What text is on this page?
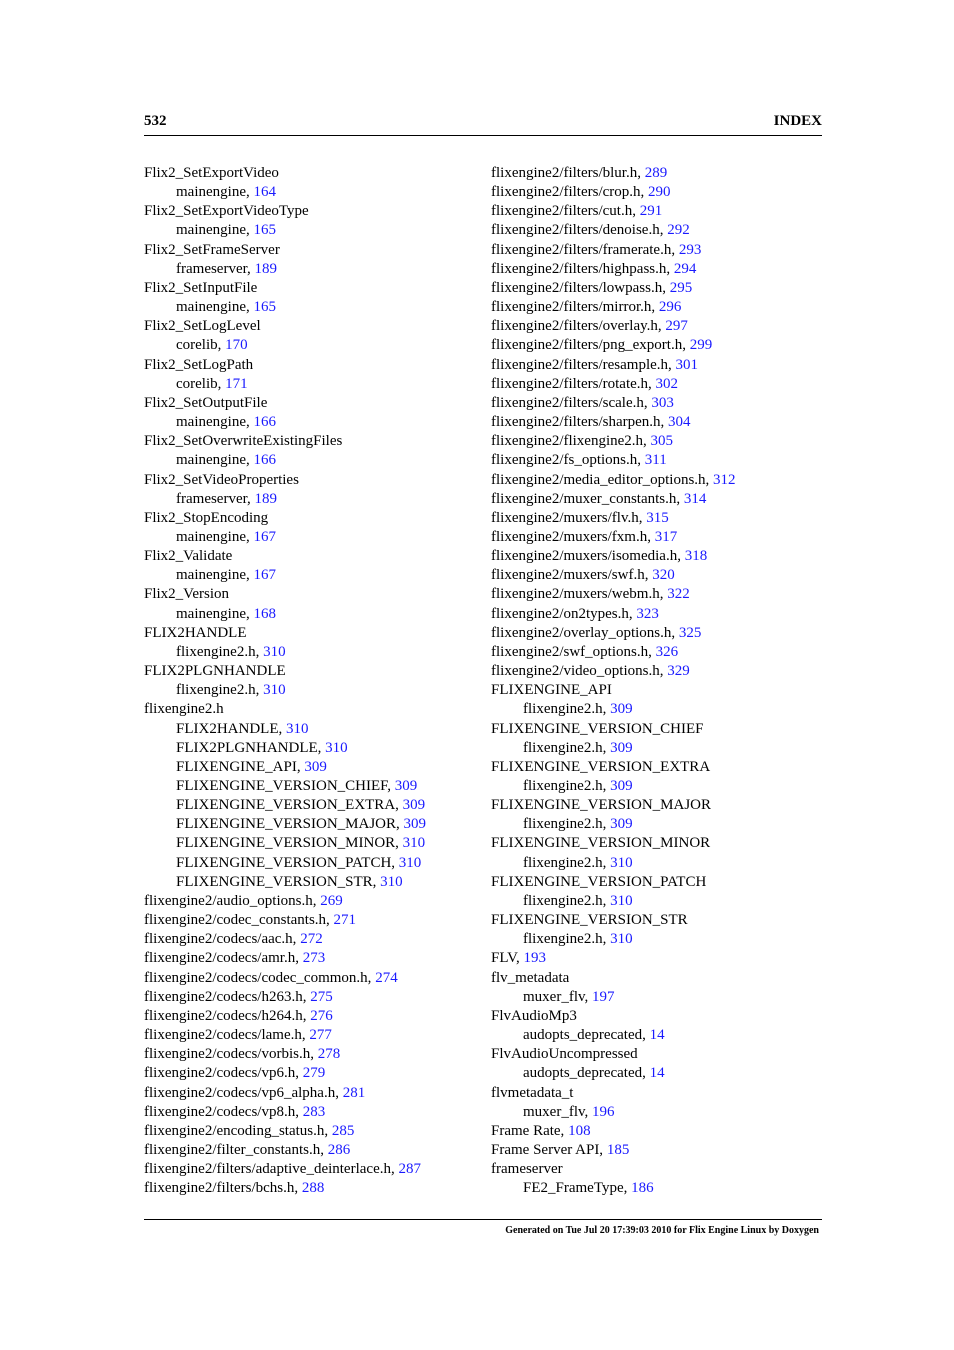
532	INDEX
Flix2_SetExportVideo
mainengine, 164
Flix2_SetExportVideoType
mainengine, 165
Flix2_SetFrameServer
frameserver, 189
Flix2_SetInputFile
mainengine, 165
Flix2_SetLogLevel
corelib, 170
Flix2_SetLogPath
corelib, 171
Flix2_SetOutputFile
mainengine, 166
Flix2_SetOverwriteExistingFiles
mainengine, 166
Flix2_SetVideoProperties
frameserver, 189
Flix2_StopEncoding
mainengine, 167
Flix2_Validate
mainengine, 167
Flix2_Version
mainengine, 168
FLIX2HANDLE
flixengine2.h, 310
FLIX2PLGNHANDLE
flixengine2.h, 310
flixengine2.h
FLIX2HANDLE, 310
FLIX2PLGNHANDLE, 310
FLIXENGINE_API, 309
FLIXENGINE_VERSION_CHIEF, 309
FLIXENGINE_VERSION_EXTRA, 309
FLIXENGINE_VERSION_MAJOR, 309
FLIXENGINE_VERSION_MINOR, 310
FLIXENGINE_VERSION_PATCH, 310
FLIXENGINE_VERSION_STR, 310
flixengine2/audio_options.h, 269
flixengine2/codec_constants.h, 271
flixengine2/codecs/aac.h, 272
flixengine2/codecs/amr.h, 273
flixengine2/codecs/codec_common.h, 274
flixengine2/codecs/h263.h, 275
flixengine2/codecs/h264.h, 276
flixengine2/codecs/lame.h, 277
flixengine2/codecs/vorbis.h, 278
flixengine2/codecs/vp6.h, 279
flixengine2/codecs/vp6_alpha.h, 281
flixengine2/codecs/vp8.h, 283
flixengine2/encoding_status.h, 285
flixengine2/filter_constants.h, 286
flixengine2/filters/adaptive_deinterlace.h, 287
flixengine2/filters/bchs.h, 288
flixengine2/filters/blur.h, 289
flixengine2/filters/crop.h, 290
flixengine2/filters/cut.h, 291
flixengine2/filters/denoise.h, 292
flixengine2/filters/framerate.h, 293
flixengine2/filters/highpass.h, 294
flixengine2/filters/lowpass.h, 295
flixengine2/filters/mirror.h, 296
flixengine2/filters/overlay.h, 297
flixengine2/filters/png_export.h, 299
flixengine2/filters/resample.h, 301
flixengine2/filters/rotate.h, 302
flixengine2/filters/scale.h, 303
flixengine2/filters/sharpen.h, 304
flixengine2/flixengine2.h, 305
flixengine2/fs_options.h, 311
flixengine2/media_editor_options.h, 312
flixengine2/muxer_constants.h, 314
flixengine2/muxers/flv.h, 315
flixengine2/muxers/fxm.h, 317
flixengine2/muxers/isomedia.h, 318
flixengine2/muxers/swf.h, 320
flixengine2/muxers/webm.h, 322
flixengine2/on2types.h, 323
flixengine2/overlay_options.h, 325
flixengine2/swf_options.h, 326
flixengine2/video_options.h, 329
FLIXENGINE_API
flixengine2.h, 309
FLIXENGINE_VERSION_CHIEF
flixengine2.h, 309
FLIXENGINE_VERSION_EXTRA
flixengine2.h, 309
FLIXENGINE_VERSION_MAJOR
flixengine2.h, 309
FLIXENGINE_VERSION_MINOR
flixengine2.h, 310
FLIXENGINE_VERSION_PATCH
flixengine2.h, 310
FLIXENGINE_VERSION_STR
flixengine2.h, 310
FLV, 193
flv_metadata
muxer_flv, 197
FlvAudioMp3
audopts_deprecated, 14
FlvAudioUncompressed
audopts_deprecated, 14
flvmetadata_t
muxer_flv, 196
Frame Rate, 108
Frame Server API, 185
frameserver
FE2_FrameType, 186
Generated on Tue Jul 20 17:39:03 2010 for Flix Engine Linux by Doxygen
